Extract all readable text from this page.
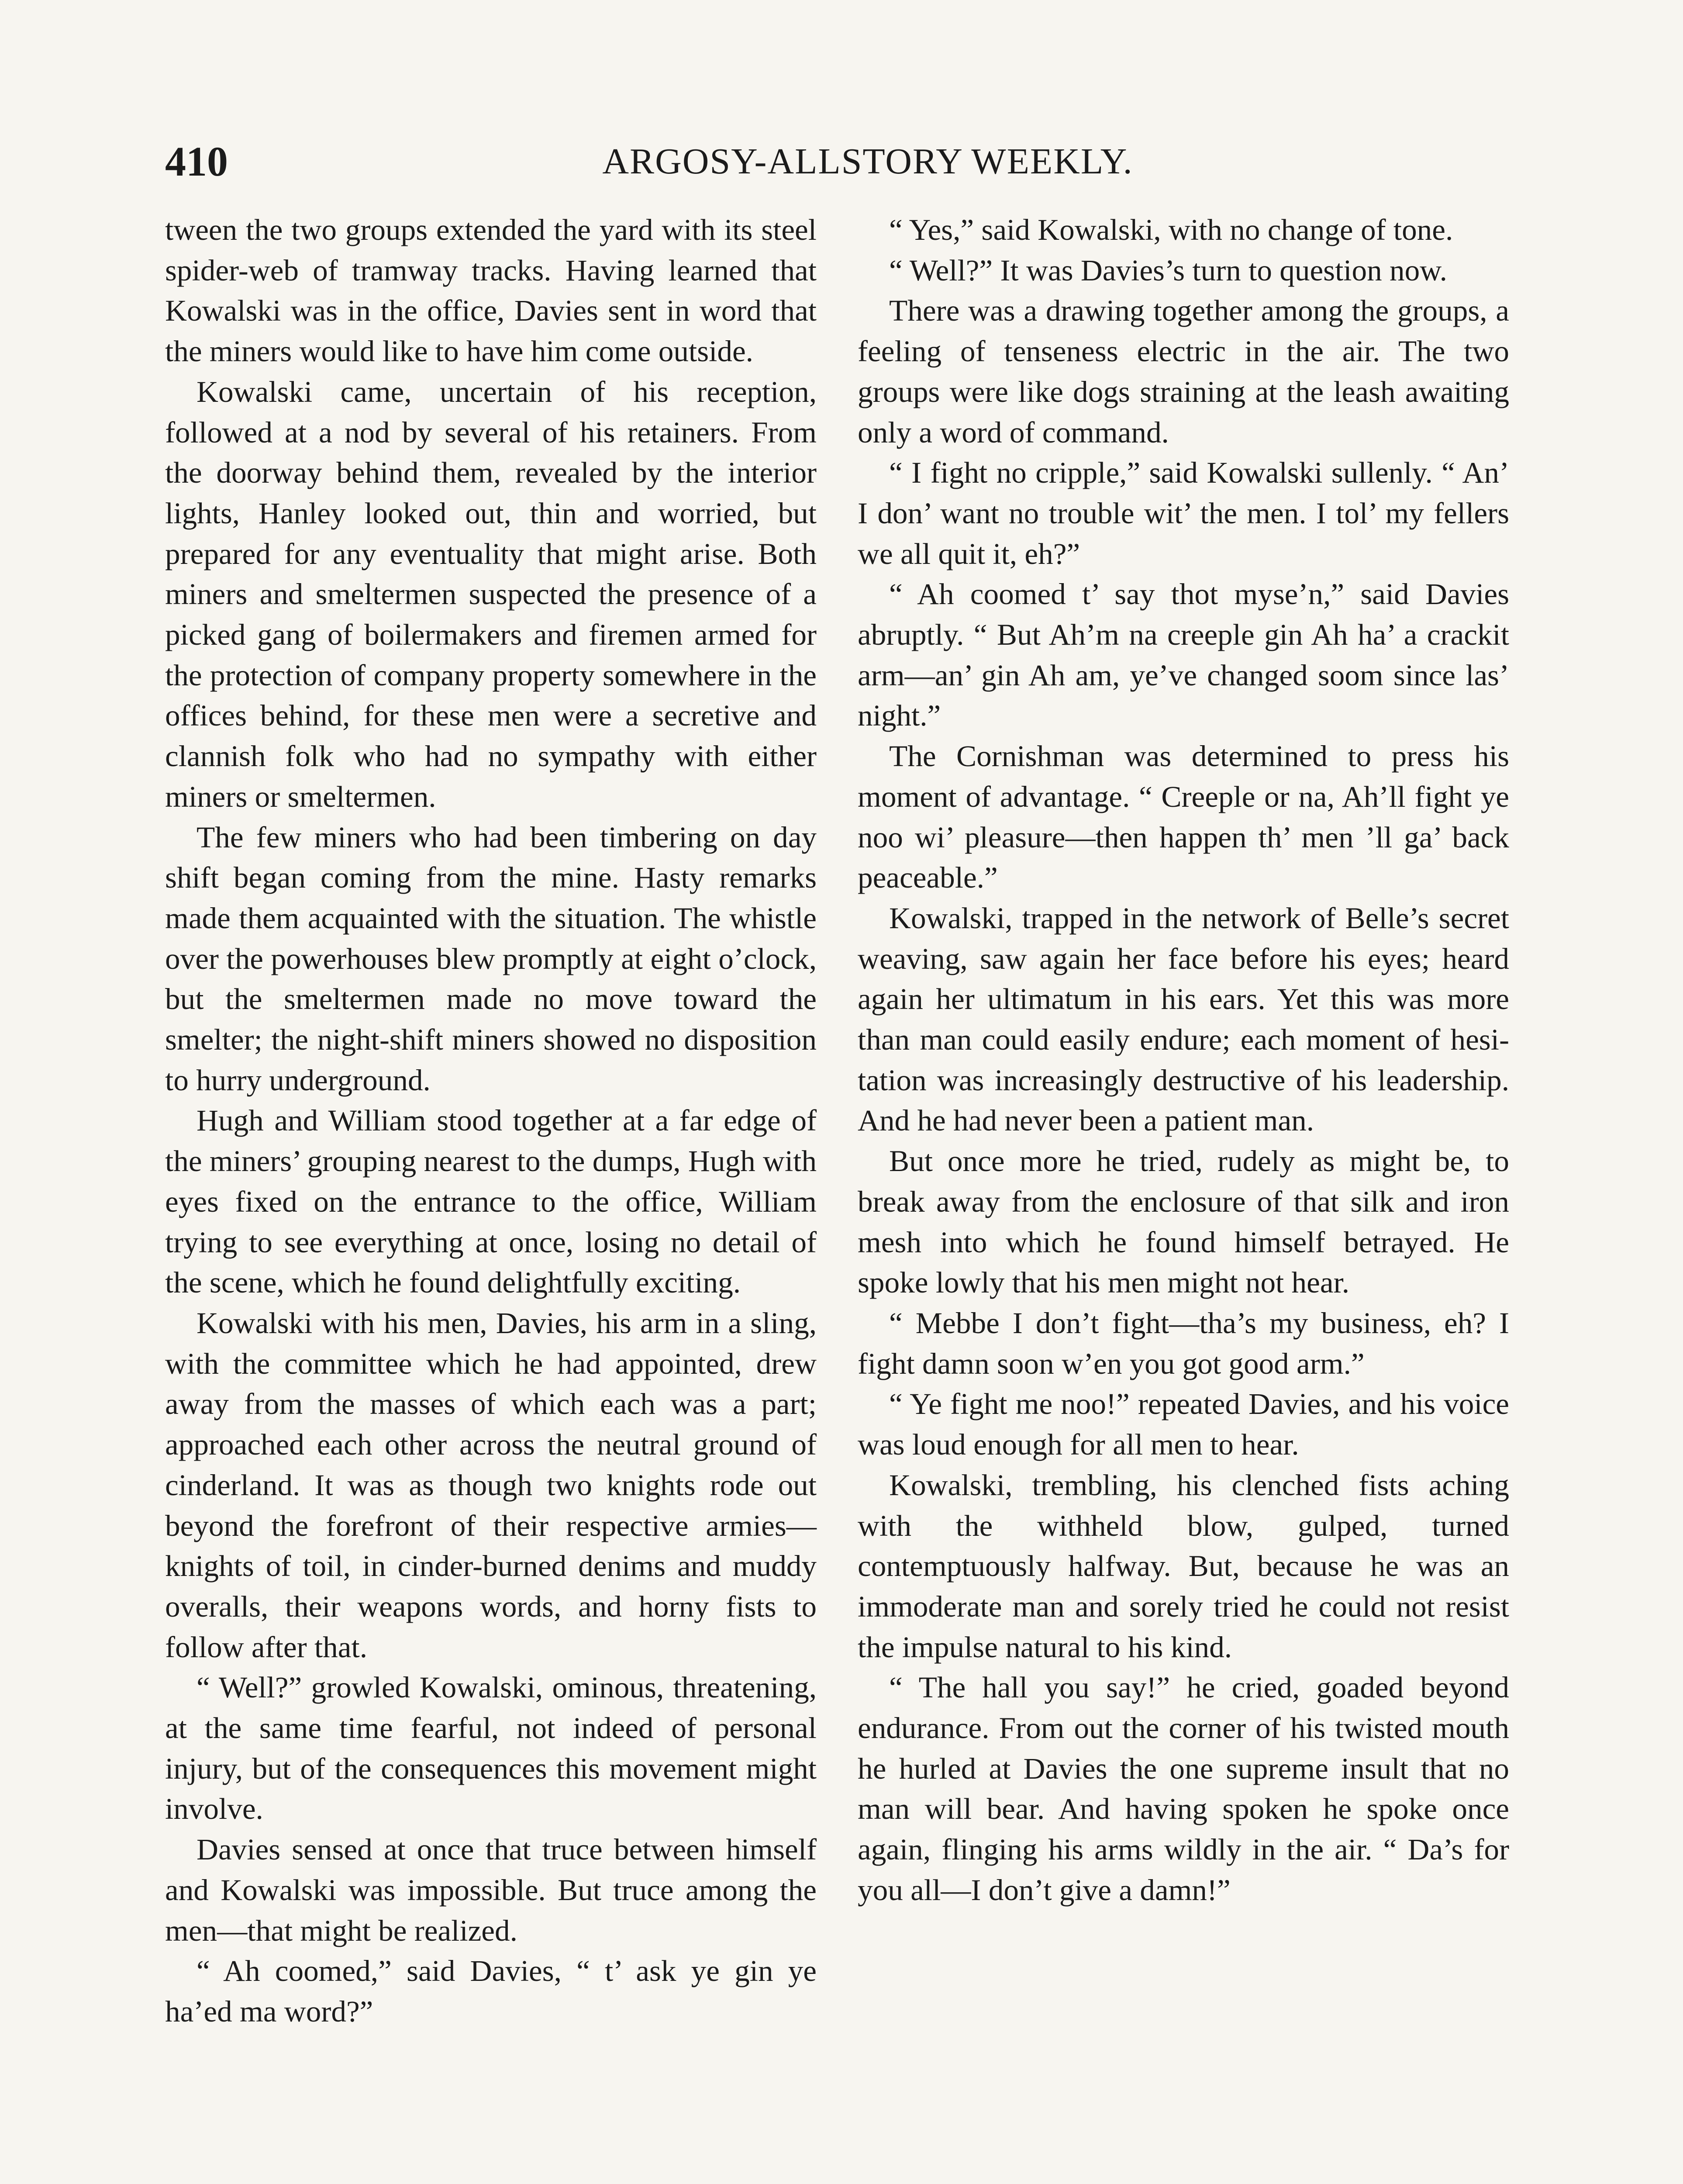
410	ARGOSY-ALLSTORY WEEKLY.

tween the two groups extended the yard with its steel spider-web of tramway tracks. Having learned that Kowalski was in the office, Davies sent in word that the miners would like to have him come outside.

Kowalski came, uncertain of his reception, followed at a nod by several of his retainers. From the doorway behind them, revealed by the interior lights, Hanley looked out, thin and worried, but prepared for any eventuality that might arise. Both miners and smeltermen suspected the presence of a picked gang of boilermakers and firemen armed for the protection of company property somewhere in the offices behind, for these men were a secretive and clannish folk who had no sympathy with either miners or smeltermen.

The few miners who had been timbering on day shift began coming from the mine. Hasty remarks made them acquainted with the situation. The whistle over the powerhouses blew promptly at eight o’clock, but the smeltermen made no move toward the smelter; the night-shift miners showed no disposition to hurry underground.

Hugh and William stood together at a far edge of the miners’ grouping nearest to the dumps, Hugh with eyes fixed on the entrance to the office, William trying to see everything at once, losing no detail of the scene, which he found delightfully exciting.

Kowalski with his men, Davies, his arm in a sling, with the committee which he had appointed, drew away from the masses of which each was a part; approached each other across the neutral ground of cinderland. It was as though two knights rode out beyond the forefront of their respective armies—knights of toil, in cinder-burned denims and muddy overalls, their weapons words, and horny fists to follow after that.

“ Well?” growled Kowalski, ominous, threatening, at the same time fearful, not indeed of personal injury, but of the consequences this movement might involve.

Davies sensed at once that truce between himself and Kowalski was impossible. But truce among the men—that might be realized.

“ Ah coomed,” said Davies, “ t’ ask ye gin ye ha’ed ma word?”

“ Yes,” said Kowalski, with no change of tone.

“ Well?” It was Davies’s turn to question now.

There was a drawing together among the groups, a feeling of tenseness electric in the air. The two groups were like dogs straining at the leash awaiting only a word of command.

“ I fight no cripple,” said Kowalski sullenly. “ An’ I don’ want no trouble wit’ the men. I tol’ my fellers we all quit it, eh?”

“ Ah coomed t’ say thot myse’n,” said Davies abruptly. “ But Ah’m na creeple gin Ah ha’ a crackit arm—an’ gin Ah am, ye’ve changed soom since las’ night.”

The Cornishman was determined to press his moment of advantage. “ Creeple or na, Ah’ll fight ye noo wi’ pleasure—then happen th’ men ’ll ga’ back peaceable.”

Kowalski, trapped in the network of Belle’s secret weaving, saw again her face before his eyes; heard again her ultimatum in his ears. Yet this was more than man could easily endure; each moment of hesitation was increasingly destructive of his leadership. And he had never been a patient man.

But once more he tried, rudely as might be, to break away from the enclosure of that silk and iron mesh into which he found himself betrayed. He spoke lowly that his men might not hear.

“ Mebbe I don’t fight—tha’s my business, eh? I fight damn soon w’en you got good arm.”

“ Ye fight me noo!” repeated Davies, and his voice was loud enough for all men to hear.

Kowalski, trembling, his clenched fists aching with the withheld blow, gulped, turned contemptuously halfway. But, because he was an immoderate man and sorely tried he could not resist the impulse natural to his kind.

“ The hall you say!” he cried, goaded beyond endurance. From out the corner of his twisted mouth he hurled at Davies the one supreme insult that no man will bear. And having spoken he spoke once again, flinging his arms wildly in the air. “ Da’s for you all—I don’t give a damn!”
